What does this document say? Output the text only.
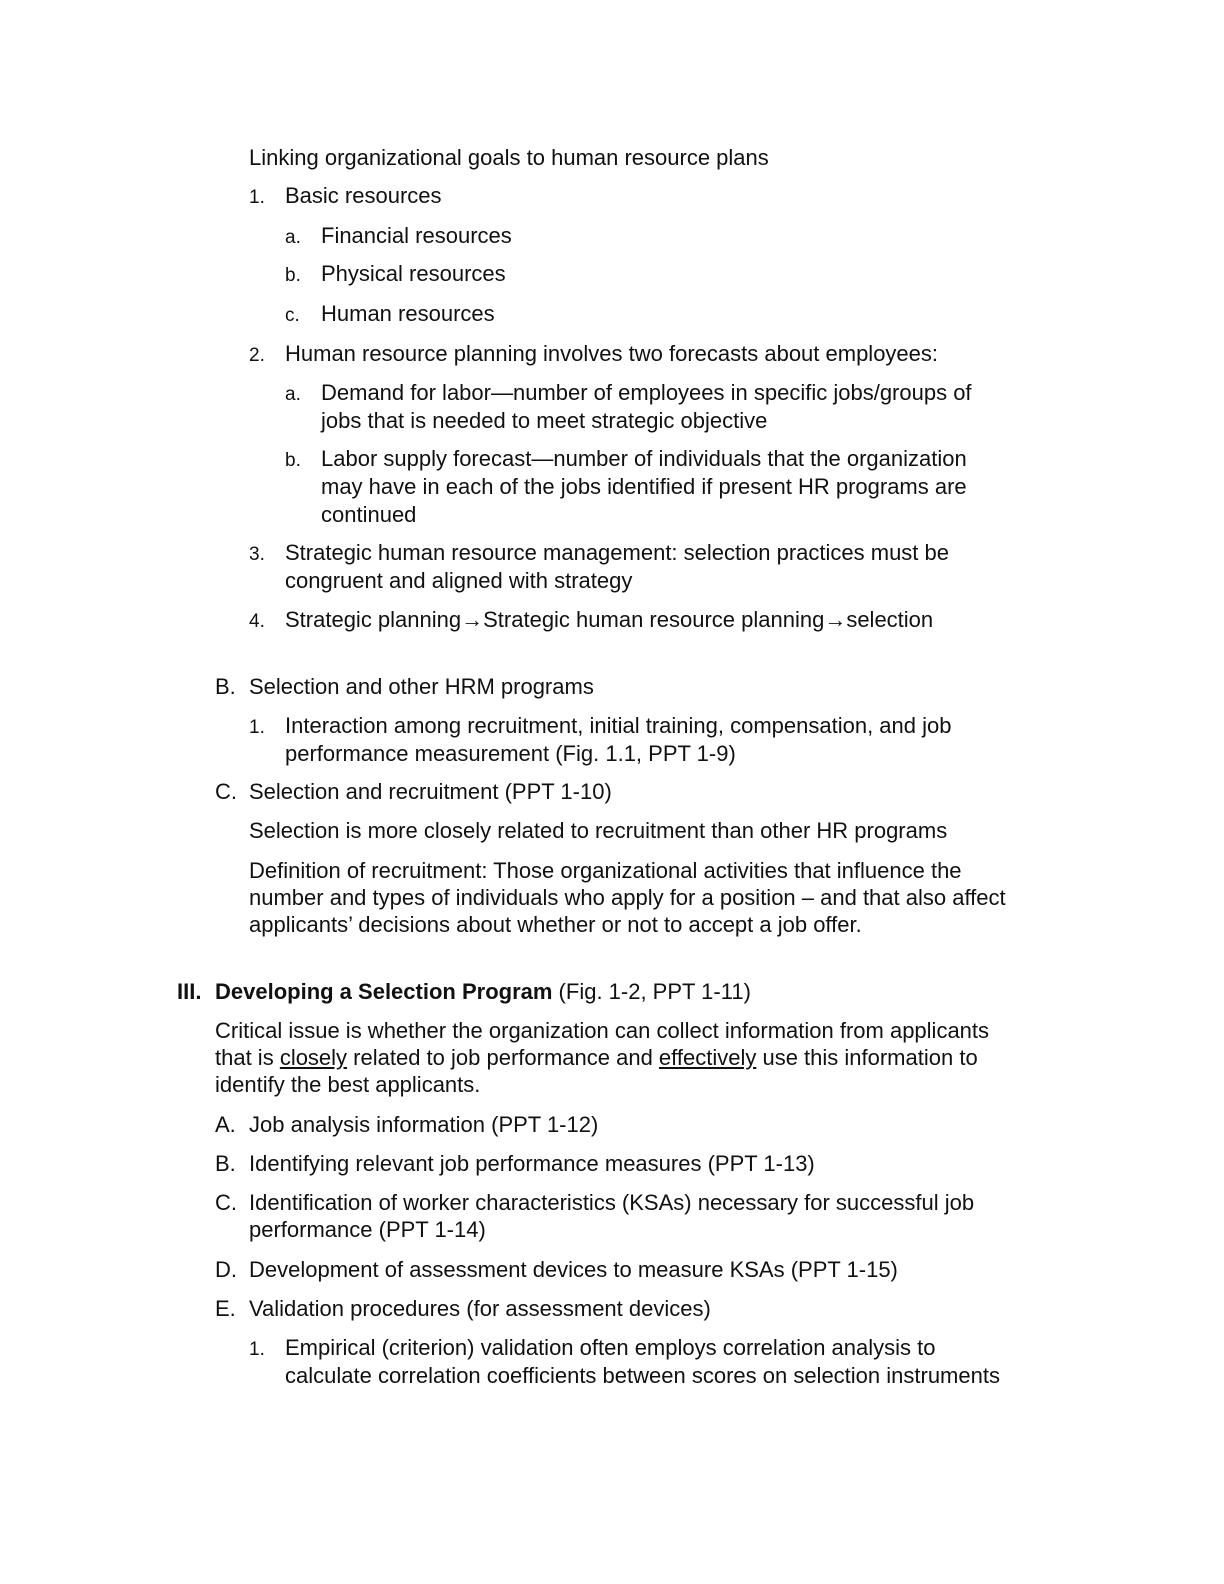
Linking organizational goals to human resource plans
1. Basic resources
a. Financial resources
b. Physical resources
c. Human resources
2. Human resource planning involves two forecasts about employees:
a. Demand for labor—number of employees in specific jobs/groups of
jobs that is needed to meet strategic objective
b. Labor supply forecast—number of individuals that the organization
may have in each of the jobs identified if present HR programs are
continued
3. Strategic human resource management: selection practices must be
congruent and aligned with strategy
4. Strategic planning→Strategic human resource planning→selection
B. Selection and other HRM programs
1. Interaction among recruitment, initial training, compensation, and job
performance measurement (Fig. 1.1, PPT 1-9)
C. Selection and recruitment (PPT 1-10)
Selection is more closely related to recruitment than other HR programs
Definition of recruitment: Those organizational activities that influence the
number and types of individuals who apply for a position – and that also affect
applicants’ decisions about whether or not to accept a job offer.
III. Developing a Selection Program (Fig. 1-2, PPT 1-11)
Critical issue is whether the organization can collect information from applicants
that is closely related to job performance and effectively use this information to
identify the best applicants.
A. Job analysis information (PPT 1-12)
B. Identifying relevant job performance measures (PPT 1-13)
C. Identification of worker characteristics (KSAs) necessary for successful job
performance (PPT 1-14)
D. Development of assessment devices to measure KSAs (PPT 1-15)
E. Validation procedures (for assessment devices)
1. Empirical (criterion) validation often employs correlation analysis to
calculate correlation coefficients between scores on selection instruments
